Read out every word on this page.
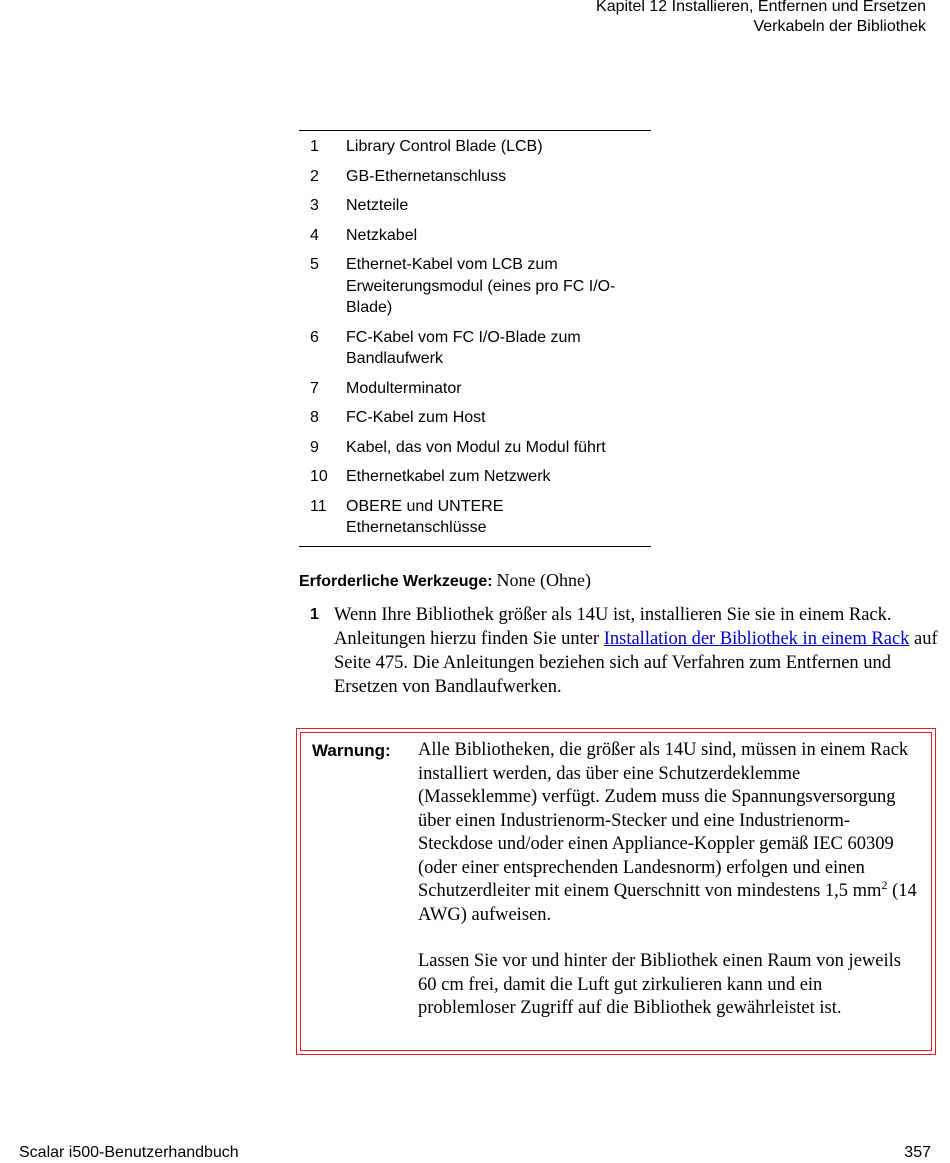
Kapitel 12 Installieren, Entfernen und Ersetzen
Verkabeln der Bibliothek
1	Library Control Blade (LCB)
2	GB-Ethernetanschluss
3	Netzteile
4	Netzkabel
5	Ethernet-Kabel vom LCB zum Erweiterungsmodul (eines pro FC I/O-Blade)
6	FC-Kabel vom FC I/O-Blade zum Bandlaufwerk
7	Modulterminator
8	FC-Kabel zum Host
9	Kabel, das von Modul zu Modul führt
10	Ethernetkabel zum Netzwerk
11	OBERE und UNTERE Ethernetanschlüsse
Erforderliche Werkzeuge: None (Ohne)
1 Wenn Ihre Bibliothek größer als 14U ist, installieren Sie sie in einem Rack. Anleitungen hierzu finden Sie unter Installation der Bibliothek in einem Rack auf Seite 475. Die Anleitungen beziehen sich auf Verfahren zum Entfernen und Ersetzen von Bandlaufwerken.
Warnung:	Alle Bibliotheken, die größer als 14U sind, müssen in einem Rack installiert werden, das über eine Schutzerdeklemme (Masseklemme) verfügt. Zudem muss die Spannungsversorgung über einen Industrienorm-Stecker und eine Industrienorm-Steckdose und/oder einen Appliance-Koppler gemäß IEC 60309 (oder einer entsprechenden Landesnorm) erfolgen und einen Schutzerdleiter mit einem Querschnitt von mindestens 1,5 $mm^2$ (14 AWG) aufweisen.

Lassen Sie vor und hinter der Bibliothek einen Raum von jeweils 60 cm frei, damit die Luft gut zirkulieren kann und ein problemloser Zugriff auf die Bibliothek gewährleistet ist.

Scalar i500-Benutzerhandbuch	357
